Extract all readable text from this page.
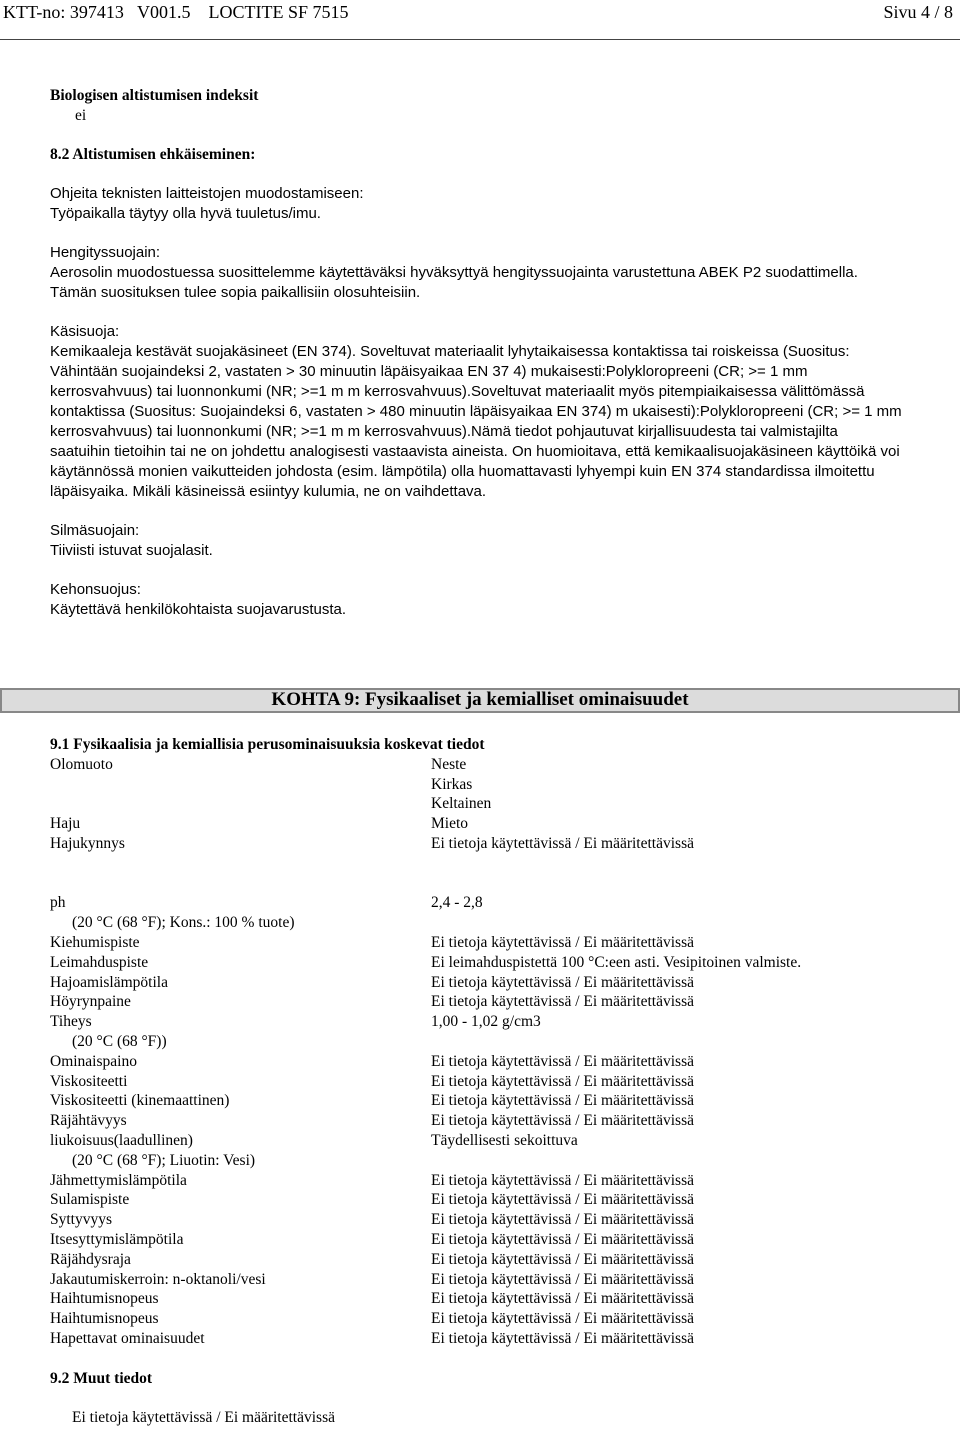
KTT-no: 397413   V001.5    LOCTITE SF 7515	Sivu 4 / 8

Biologisen altistumisen indeksit

ei

8.2 Altistumisen ehkäiseminen:

Ohjeita teknisten laitteistojen muodostamiseen:

Työpaikalla täytyy olla hyvä tuuletus/imu.

Hengityssuojain:

Aerosolin muodostuessa suosittelemme käytettäväksi hyväksyttyä hengityssuojainta varustettuna ABEK P2 suodattimella.

Tämän suosituksen tulee sopia paikallisiin olosuhteisiin.

Käsisuoja:

Kemikaaleja kestävät suojakäsineet (EN 374). Soveltuvat materiaalit lyhytaikaisessa kontaktissa tai roiskeissa (Suositus:

Vähintään suojaindeksi 2, vastaten > 30 minuutin läpäisyaikaa EN 37 4) mukaisesti:Polykloropreeni (CR; >= 1 mm

kerrosvahvuus) tai luonnonkumi (NR; >=1 m m kerrosvahvuus).Soveltuvat materiaalit myös pitempiaikaisessa välittömässä

kontaktissa (Suositus: Suojaindeksi 6, vastaten > 480 minuutin läpäisyaikaa EN 374) m ukaisesti):Polykloropreeni (CR; >= 1 mm

kerrosvahvuus) tai luonnonkumi (NR; >=1 m m kerrosvahvuus).Nämä tiedot pohjautuvat kirjallisuudesta tai valmistajilta

saatuihin tietoihin tai ne on johdettu analogisesti vastaavista aineista. On huomioitava, että kemikaalisuojakäsineen käyttöikä voi

käytännössä monien vaikutteiden johdosta (esim. lämpötila) olla huomattavasti lyhyempi kuin EN 374 standardissa ilmoitettu

läpäisyaika. Mikäli käsineissä esiintyy kulumia, ne on vaihdettava.

Silmäsuojain:

Tiiviisti istuvat suojalasit.

Kehonsuojus:

Käytettävä henkilökohtaista suojavarustusta.

KOHTA 9: Fysikaaliset ja kemialliset ominaisuudet
9.1 Fysikaalisia ja kemiallisia perusominaisuuksia koskevat tiedot
Olomuoto	Neste
Kirkas
Keltainen
Haju	Mieto
Hajukynnys	Ei tietoja käytettävissä / Ei määritettävissä
ph	2,4 - 2,8
(20 °C (68 °F); Kons.: 100 % tuote)
Kiehumispiste	Ei tietoja käytettävissä / Ei määritettävissä
Leimahduspiste	Ei leimahduspistettä 100 °C:een asti. Vesipitoinen valmiste.
Hajoamislämpötila	Ei tietoja käytettävissä / Ei määritettävissä
Höyrynpaine	Ei tietoja käytettävissä / Ei määritettävissä
Tiheys	1,00 - 1,02 g/cm3
(20 °C (68 °F))
Ominaispaino	Ei tietoja käytettävissä / Ei määritettävissä
Viskositeetti	Ei tietoja käytettävissä / Ei määritettävissä
Viskositeetti (kinemaattinen)	Ei tietoja käytettävissä / Ei määritettävissä
Räjähtävyys	Ei tietoja käytettävissä / Ei määritettävissä
liukoisuus(laadullinen)	Täydellisesti sekoittuva
(20 °C (68 °F); Liuotin: Vesi)
Jähmettymislämpötila	Ei tietoja käytettävissä / Ei määritettävissä
Sulamispiste	Ei tietoja käytettävissä / Ei määritettävissä
Syttyvyys	Ei tietoja käytettävissä / Ei määritettävissä
Itsesyttymislämpötila	Ei tietoja käytettävissä / Ei määritettävissä
Räjähdysraja	Ei tietoja käytettävissä / Ei määritettävissä
Jakautumiskerroin: n-oktanoli/vesi	Ei tietoja käytettävissä / Ei määritettävissä
Haihtumisnopeus	Ei tietoja käytettävissä / Ei määritettävissä
Haihtumisnopeus	Ei tietoja käytettävissä / Ei määritettävissä
Hapettavat ominaisuudet	Ei tietoja käytettävissä / Ei määritettävissä
9.2 Muut tiedot
Ei tietoja käytettävissä / Ei määritettävissä
